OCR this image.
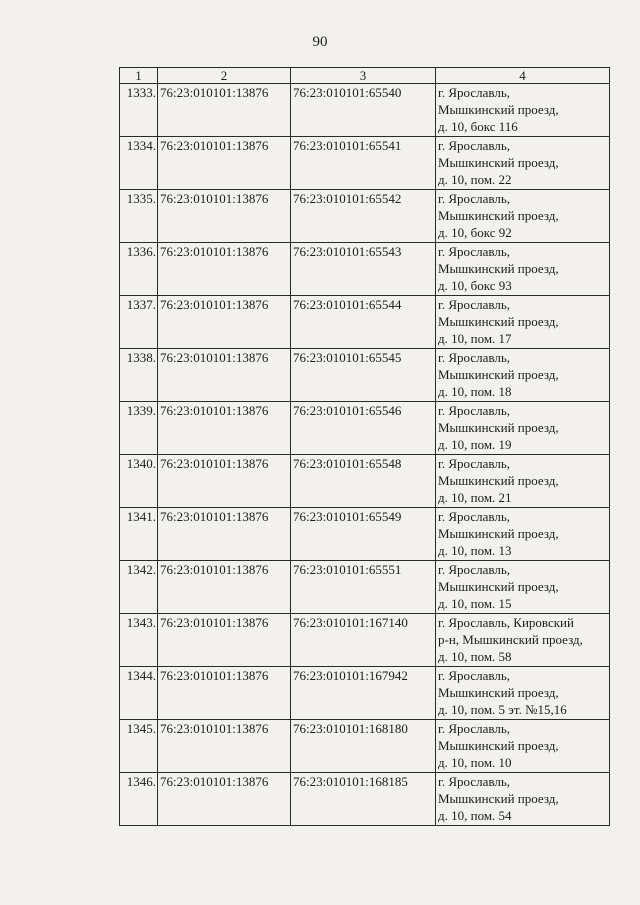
90
1	2	3	4
1333.	76:23:010101:13876	76:23:010101:65540	г. Ярославль,
Мышкинский проезд,
д. 10, бокс 116

1334.	76:23:010101:13876	76:23:010101:65541	г. Ярославль,
Мышкинский проезд,
д. 10, пом. 22

1335.	76:23:010101:13876	76:23:010101:65542	г. Ярославль,
Мышкинский проезд,
д. 10, бокс 92

1336.	76:23:010101:13876	76:23:010101:65543	г. Ярославль,
Мышкинский проезд,
д. 10, бокс 93

1337.	76:23:010101:13876	76:23:010101:65544	г. Ярославль,
Мышкинский проезд,
д. 10, пом. 17

1338.	76:23:010101:13876	76:23:010101:65545	г. Ярославль,
Мышкинский проезд,
д. 10, пом. 18

1339.	76:23:010101:13876	76:23:010101:65546	г. Ярославль,
Мышкинский проезд,
д. 10, пом. 19

1340.	76:23:010101:13876	76:23:010101:65548	г. Ярославль,
Мышкинский проезд,
д. 10, пом. 21

1341.	76:23:010101:13876	76:23:010101:65549	г. Ярославль,
Мышкинский проезд,
д. 10, пом. 13

1342.	76:23:010101:13876	76:23:010101:65551	г. Ярославль,
Мышкинский проезд,
д. 10, пом. 15

1343.	76:23:010101:13876	76:23:010101:167140	г. Ярославль, Кировский
р-н, Мышкинский проезд,
д. 10, пом. 58

1344.	76:23:010101:13876	76:23:010101:167942	г. Ярославль,
Мышкинский проезд,
д. 10, пом. 5 эт. №15,16

1345.	76:23:010101:13876	76:23:010101:168180	г. Ярославль,
Мышкинский проезд,
д. 10, пом. 10

1346.	76:23:010101:13876	76:23:010101:168185	г. Ярославль,
Мышкинский проезд,
д. 10, пом. 54
